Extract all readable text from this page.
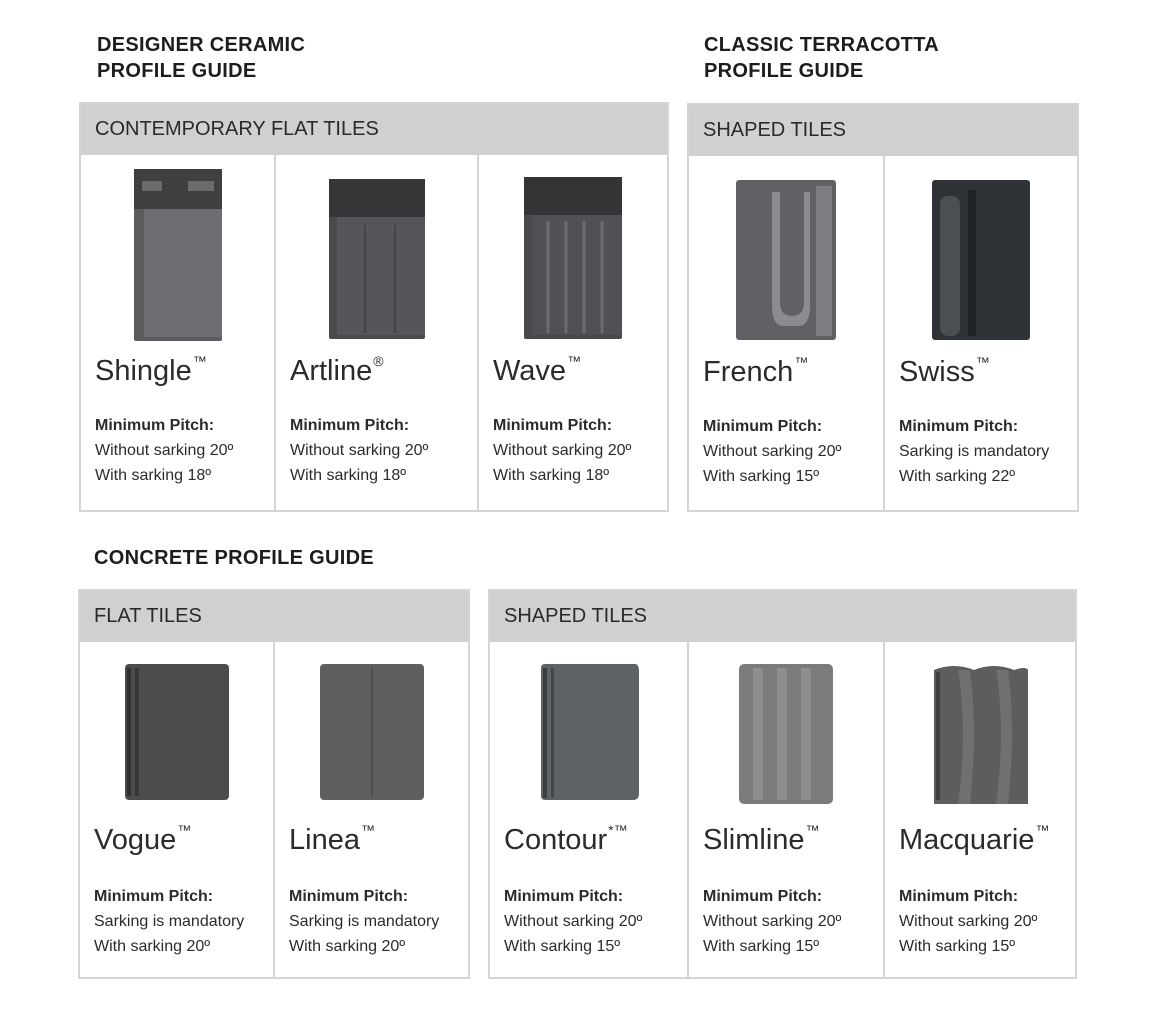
DESIGNER CERAMIC
PROFILE GUIDE
CLASSIC TERRACOTTA
PROFILE GUIDE
CONCRETE PROFILE GUIDE
CONTEMPORARY FLAT TILES
Shingle™
Minimum Pitch:
Without sarking 20º
With sarking 18º
Artline®
Minimum Pitch:
Without sarking 20º
With sarking 18º
Wave™
Minimum Pitch:
Without sarking 20º
With sarking 18º
SHAPED TILES
French™
Minimum Pitch:
Without sarking 20º
With sarking 15º
Swiss™
Minimum Pitch:
Sarking is mandatory
With sarking 22º
FLAT TILES
Vogue™
Minimum Pitch:
Sarking is mandatory
With sarking 20º
Linea™
Minimum Pitch:
Sarking is mandatory
With sarking 20º
SHAPED TILES
Contour*™
Minimum Pitch:
Without sarking 20º
With sarking 15º
Slimline™
Minimum Pitch:
Without sarking 20º
With sarking 15º
Macquarie™
Minimum Pitch:
Without sarking 20º
With sarking 15º
